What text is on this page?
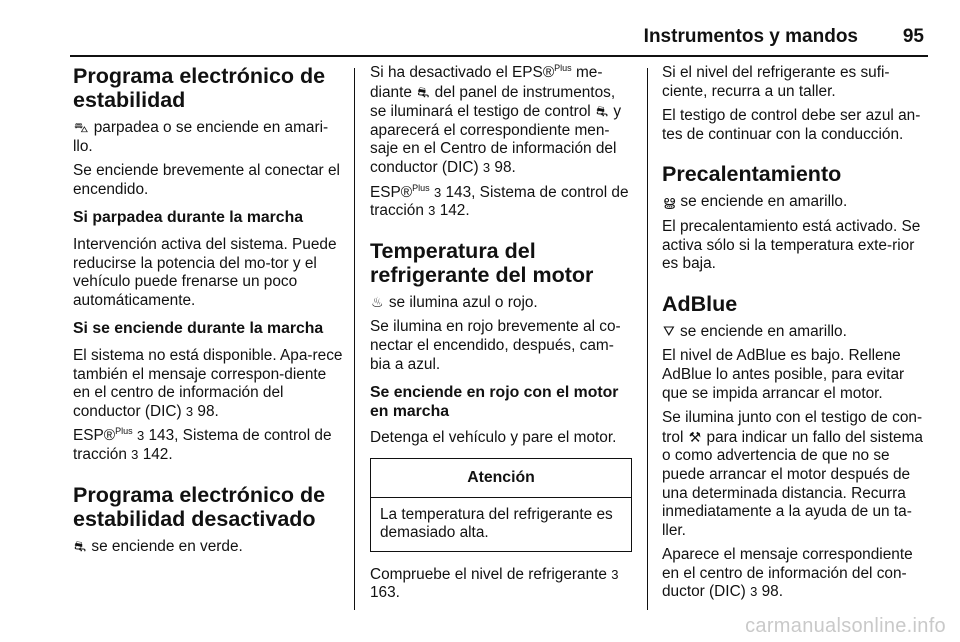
Instrumentos y mandos 95
Programa electrónico de estabilidad

⛍ parpadea o se enciende en amari-llo.

Se enciende brevemente al conectar el encendido.

Si parpadea durante la marcha

Intervención activa del sistema. Puede reducirse la potencia del mo-tor y el vehículo puede frenarse un poco automáticamente.

Si se enciende durante la marcha

El sistema no está disponible. Apa-rece también el mensaje correspon-diente en el centro de información del conductor (DIC) 3 98.

ESP®$^{Plus}$ 3 143, Sistema de control de tracción 3 142.

Programa electrónico de estabilidad desactivado

⛐ se enciende en verde.

Si ha desactivado el EPS®$^{Plus}$ me-diante ⛐ del panel de instrumentos, se iluminará el testigo de control ⛐ y aparecerá el correspondiente men-saje en el Centro de información del conductor (DIC) 3 98.

ESP®$^{Plus}$ 3 143, Sistema de control de tracción 3 142.

Temperatura del refrigerante del motor

♨ se ilumina azul o rojo.

Se ilumina en rojo brevemente al co-nectar el encendido, después, cam-bia a azul.

Se enciende en rojo con el motor en marcha

Detenga el vehículo y pare el motor.

Atención
La temperatura del refrigerante es demasiado alta.

Compruebe el nivel de refrigerante 3 163.

Si el nivel del refrigerante es sufi-ciente, recurra a un taller.

El testigo de control debe ser azul an-tes de continuar con la conducción.

Precalentamiento

ൠ se enciende en amarillo.

El precalentamiento está activado. Se activa sólo si la temperatura exte-rior es baja.

AdBlue

⛛ se enciende en amarillo.

El nivel de AdBlue es bajo. Rellene AdBlue lo antes posible, para evitar que se impida arrancar el motor.

Se ilumina junto con el testigo de con-trol ⚒ para indicar un fallo del sistema o como advertencia de que no se puede arrancar el motor después de una determinada distancia. Recurra inmediatamente a la ayuda de un ta-ller.

Aparece el mensaje correspondiente en el centro de información del con-ductor (DIC) 3 98.

carmanualsonline.info
